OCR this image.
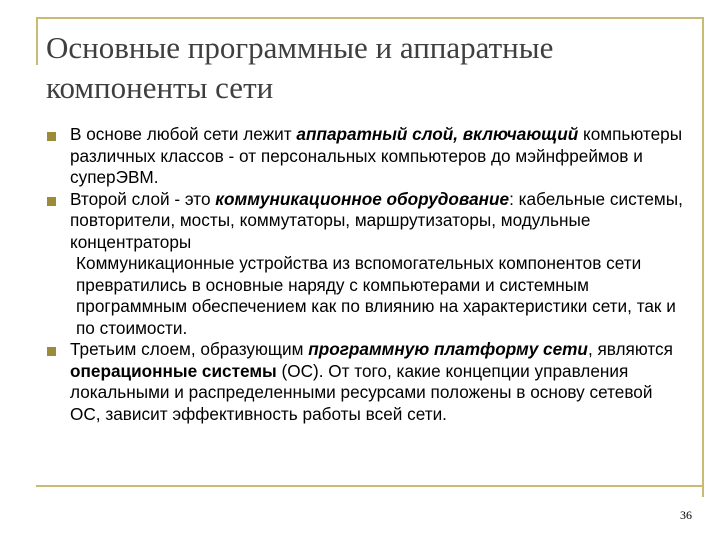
Основные программные и аппаратные
компоненты сети
В основе любой сети лежит аппаратный слой, включающий компьютеры различных классов - от персональных компьютеров до мэйнфреймов и суперЭВМ.
Второй слой - это коммуникационное оборудование: кабельные системы, повторители, мосты, коммутаторы, маршрутизаторы, модульные концентраторы
Коммуникационные устройства из вспомогательных компонентов сети превратились в основные наряду с компьютерами и системным программным обеспечением как по влиянию на характеристики сети, так и по стоимости.
Третьим слоем, образующим программную платформу сети, являются операционные системы (ОС). От того, какие концепции управления локальными и распределенными ресурсами положены в основу сетевой ОС, зависит эффективность работы всей сети.
36
